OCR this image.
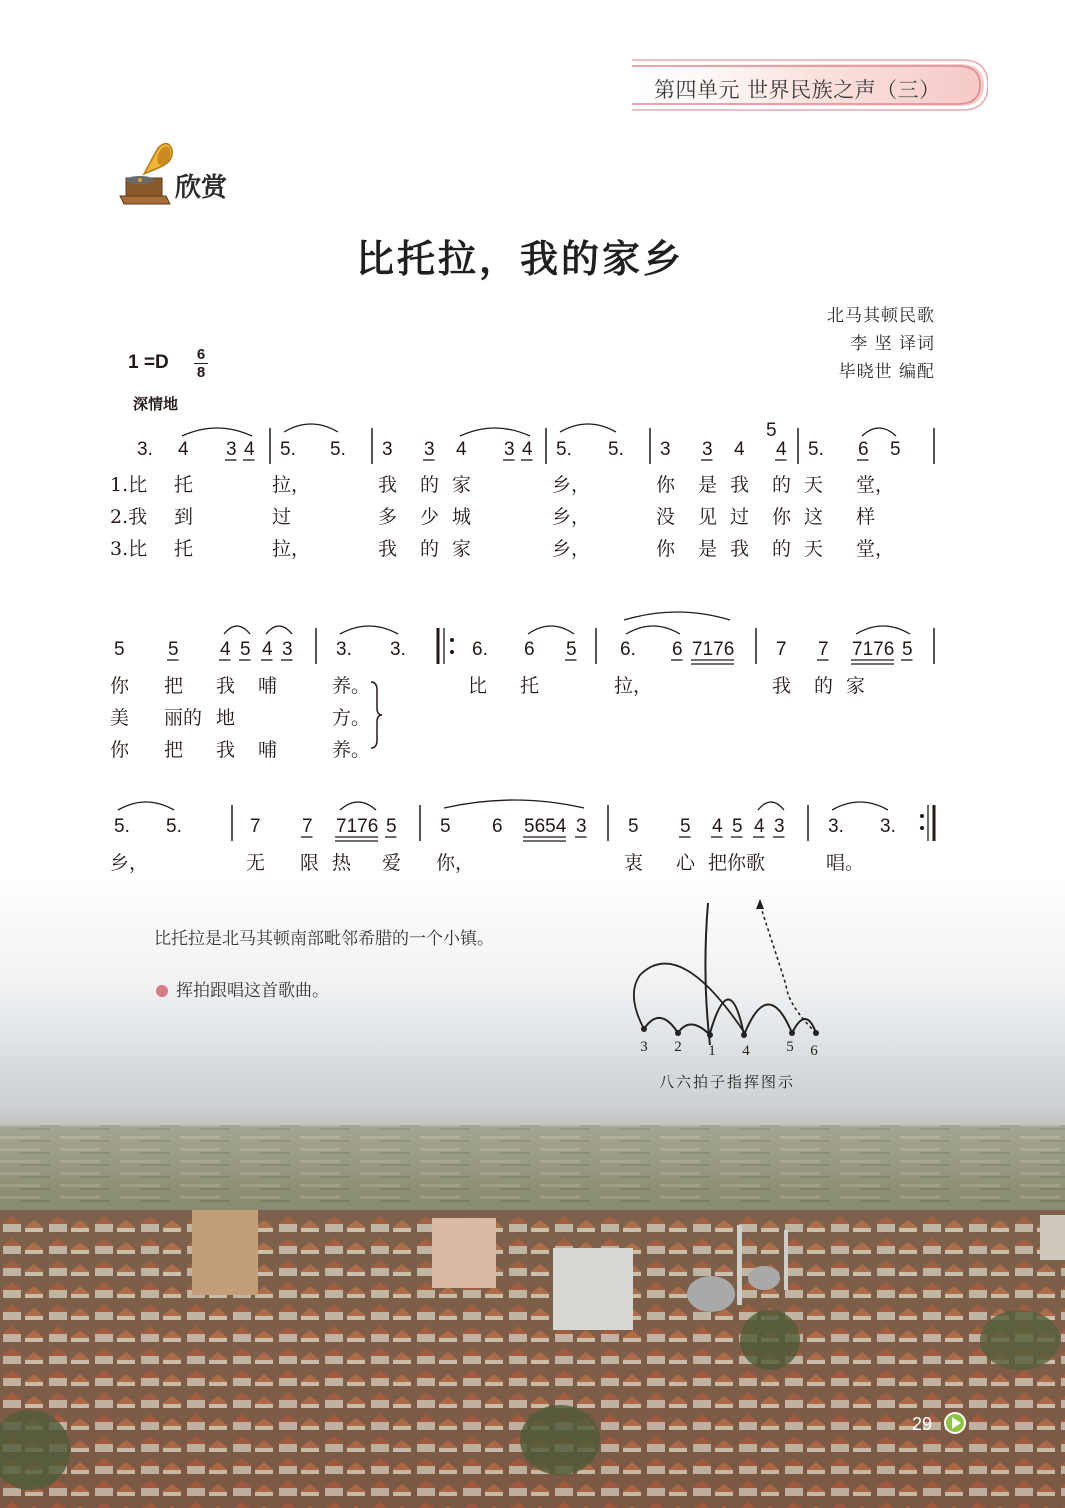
第四单元 世界民族之声（三）
欣赏
比托拉，我的家乡
北马其顿民歌
李 坚 译词
毕晓世 编配
1 =D 6
8
深情地
3. 4 3 4 5. 5. 3 3 4 3 4 5. 5. 3 3 4 4 5. 6 5
5
5 5 4 5 4 3 3. 3.	6. 6 5 6. 6 7176 7 7 7176 5
5. 5.	7 7 7176 5 5 6 5654 3 5 5 4 5 4 3 3. 3.
1.比 托	拉，	我 的 家	乡，	你 是 我 的 天 堂，
2.我 到	过	多 少 城	乡，	没 见 过 你 这 样
3.比 托	拉，	我 的 家	乡，	你 是 我 的 天 堂，
你 把 我 哺	养。	比 托	拉，	我 的 家
美 丽的 地	方。
你 把 我 哺	养。
乡，	无 限 热 爱 你，	衷 心 把你歌	唱。
比托拉是北马其顿南部毗邻希腊的一个小镇。
挥拍跟唱这首歌曲。
3 2 1 4 5 6
八六拍子指挥图示
29
